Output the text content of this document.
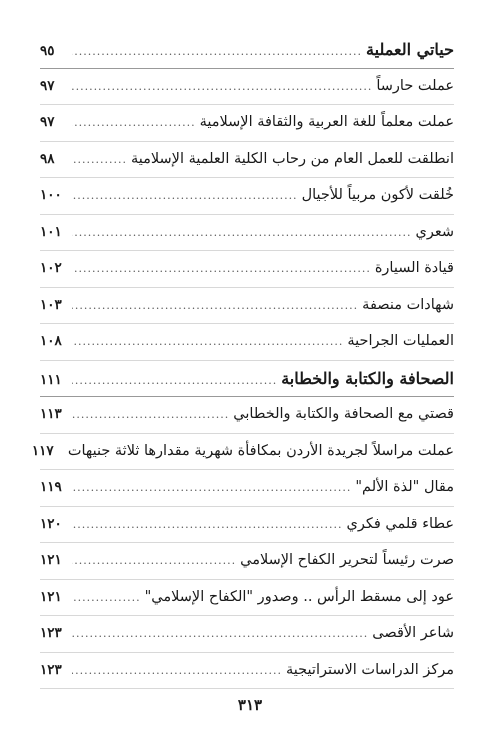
حياتي العملية
.....
٩٥
عملت حارساً
.....
٩٧
عملت معلماً للغة العربية والثقافة الإسلامية
.....
٩٧
انطلقت للعمل العام من رحاب الكلية العلمية الإسلامية
.....
٩٨
خُلقت لأكون مربياً للأجيال
.....
١٠٠
شعري
.....
١٠١
قيادة السيارة
.....
١٠٢
شهادات منصفة
.....
١٠٣
العمليات الجراحية
.....
١٠٨
الصحافة والكتابة والخطابة
.....
١١١
قصتي مع الصحافة والكتابة والخطابي
.....
١١٣
عملت مراسلاً لجريدة الأردن بمكافأة شهرية مقدارها ثلاثة جنيهات
١١٧
مقال "لذة الألم"
.....
١١٩
عطاء قلمي فكري
.....
١٢٠
صرت رئيساً لتحرير الكفاح الإسلامي
.....
١٢١
عود إلى مسقط الرأس .. وصدور "الكفاح الإسلامي"
.....
١٢١
شاعر الأقصى
.....
١٢٣
مركز الدراسات الاستراتيجية
.....
١٢٣
٣١٣
